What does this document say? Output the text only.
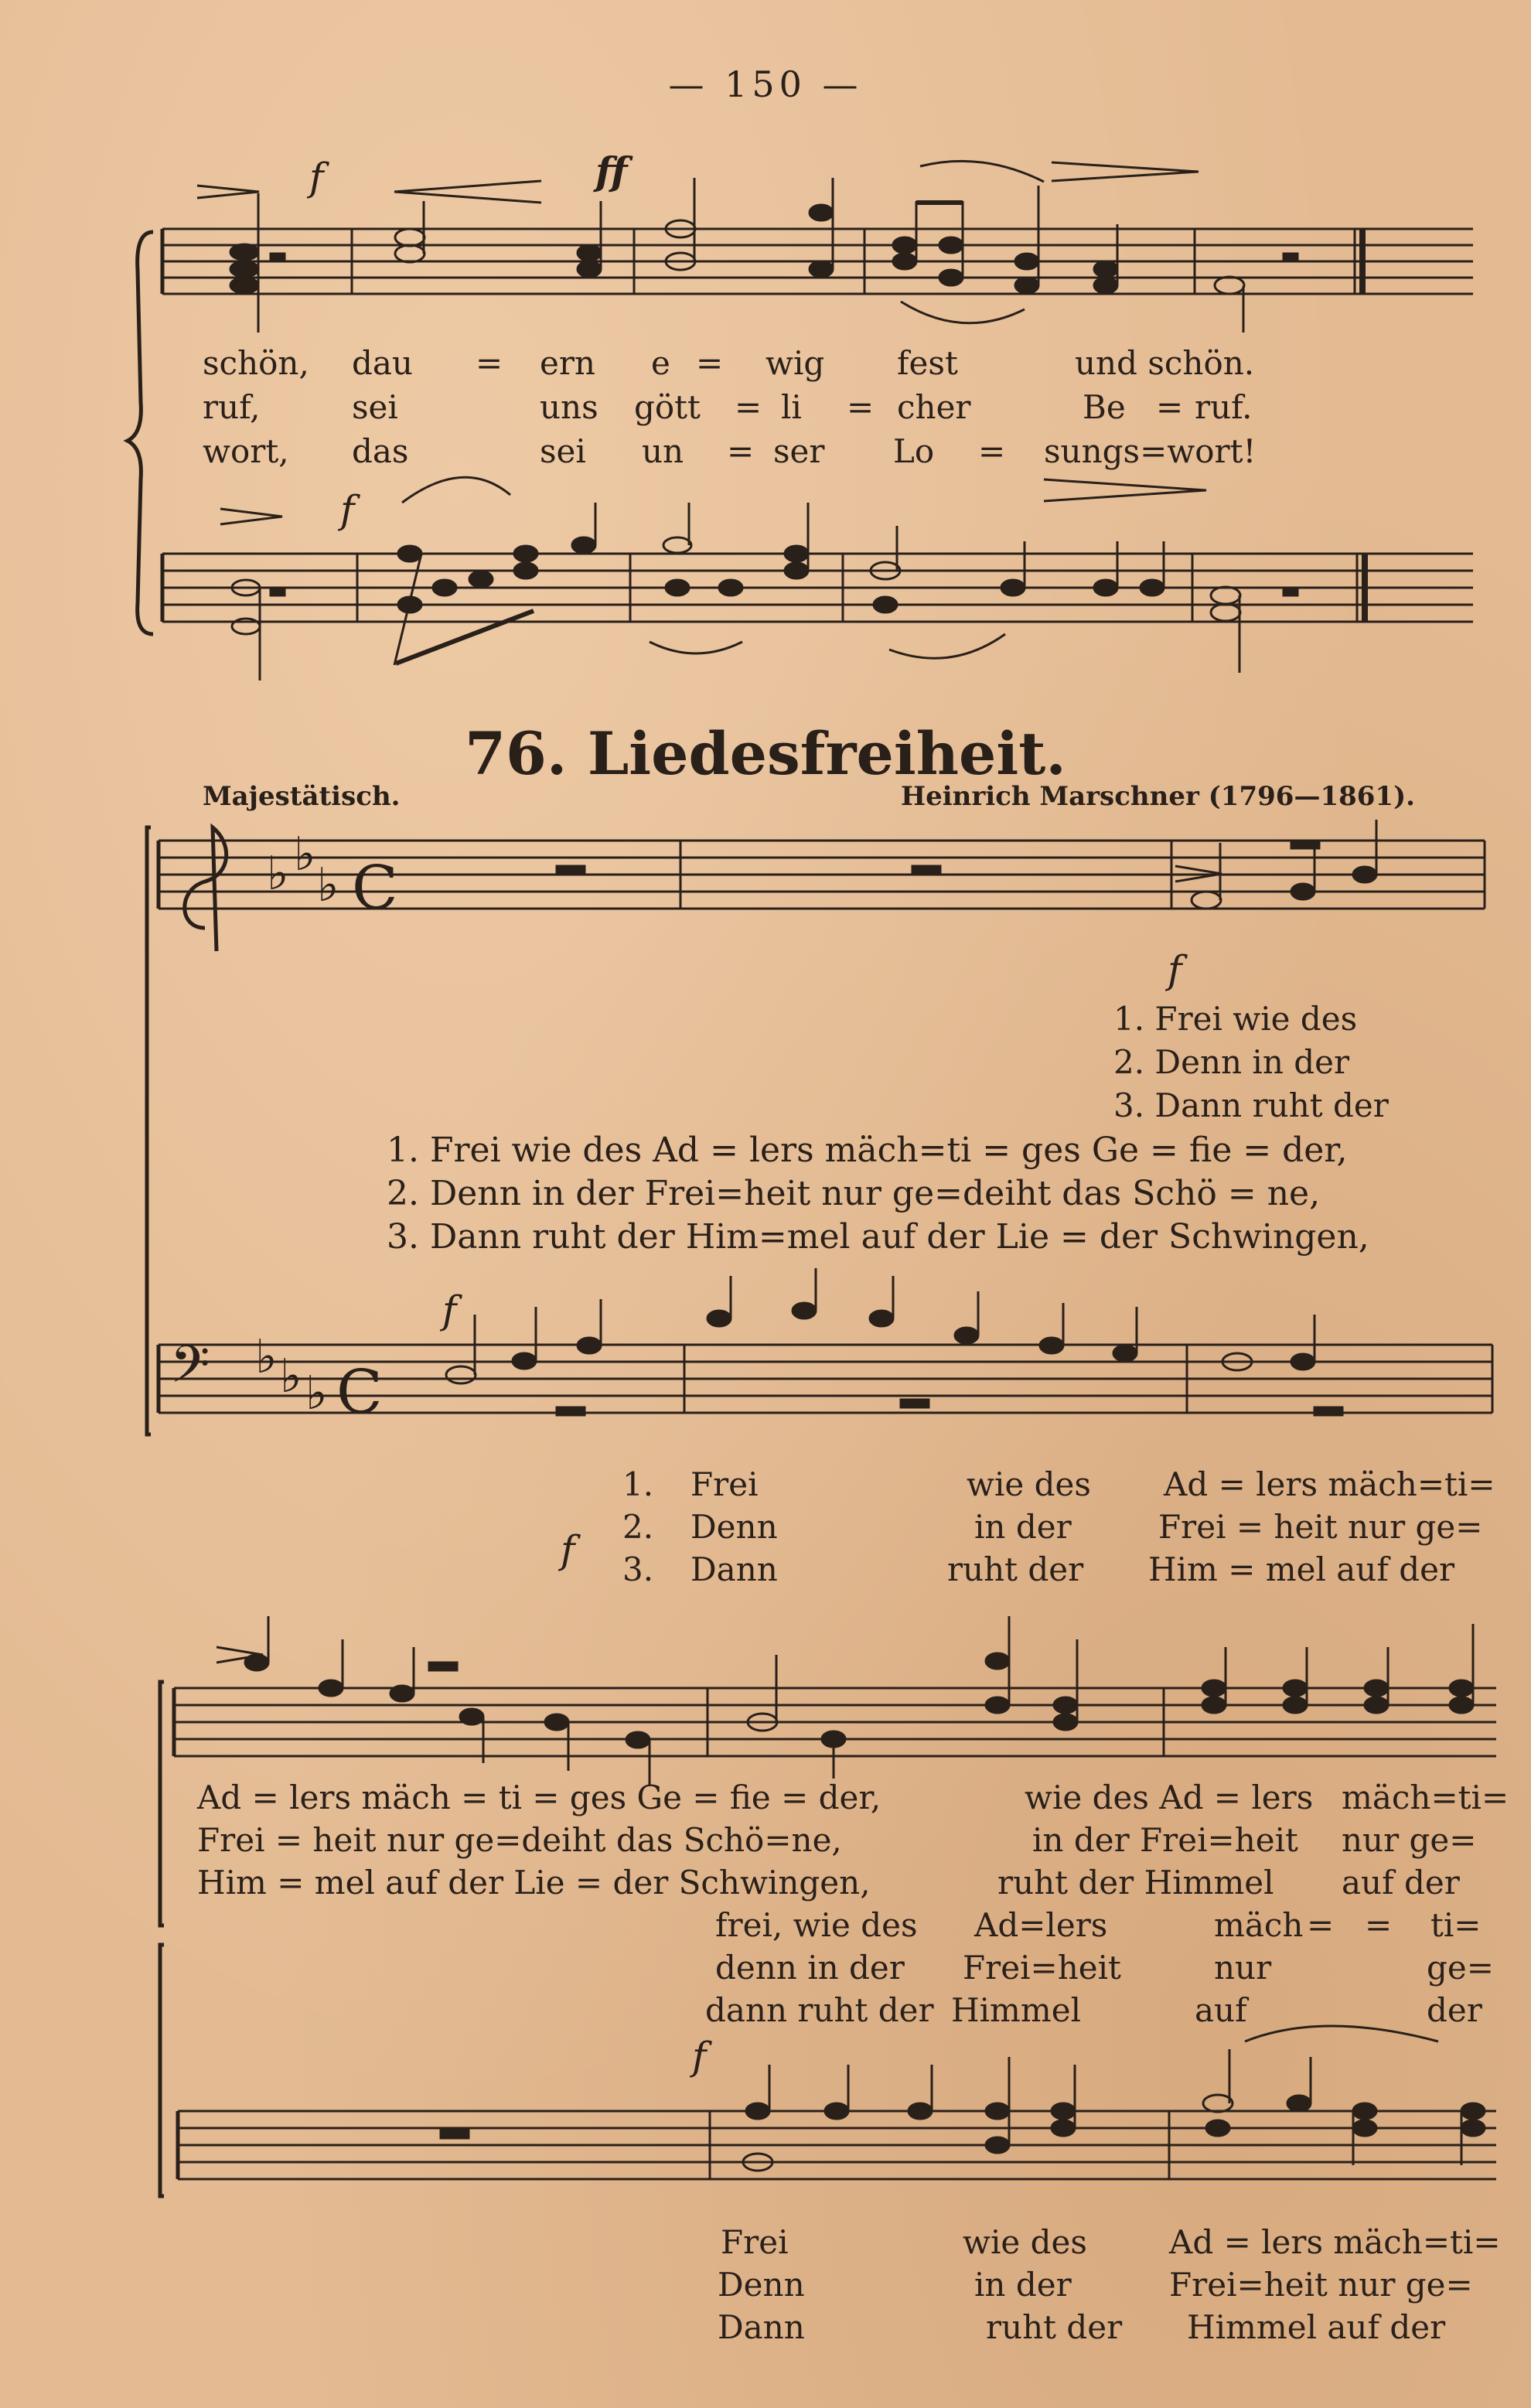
— 150 —
♭ ♭
♭ C
𝄢 ♭ ♭ ♭ C
f	ff
f
schön, dau = ern e = wig fest	und schön.
ruf,	sei	uns gött = li = cher	Be = ruf.
wort, das	sei un = ser Lo = sungs=wort!
76. Liedesfreiheit.
Majestätisch.	Heinrich Marschner (1796—1861).
f
f
f
1. Frei wie des
2. Denn in der
3. Dann ruht der
1. Frei wie des Ad = lers mäch=ti = ges Ge = fie = der,
2. Denn in der Frei=heit nur ge=deiht das Schö = ne,
3. Dann ruht der Him=mel auf der Lie = der Schwingen,
1. Frei	wie des Ad = lers mäch=ti=
2. Denn	in der	Frei = heit nur ge=
3. Dann	ruht der Him = mel auf der
Ad = lers mäch = ti = ges Ge = fie = der,	wie des Ad = lers mäch=ti=
Frei = heit nur ge=deiht das Schö=ne,	in der Frei=heit nur ge=
Him = mel auf der Lie = der Schwingen,	ruht der Himmel auf der
frei, wie des Ad=lers	mäch = = ti=
denn in der Frei=heit	nur	ge=
dann ruht der Himmel	auf	der
f
Frei	wie des	Ad = lers mäch=ti=
Denn	in der	Frei=heit nur ge=
Dann	ruht der Himmel auf der
